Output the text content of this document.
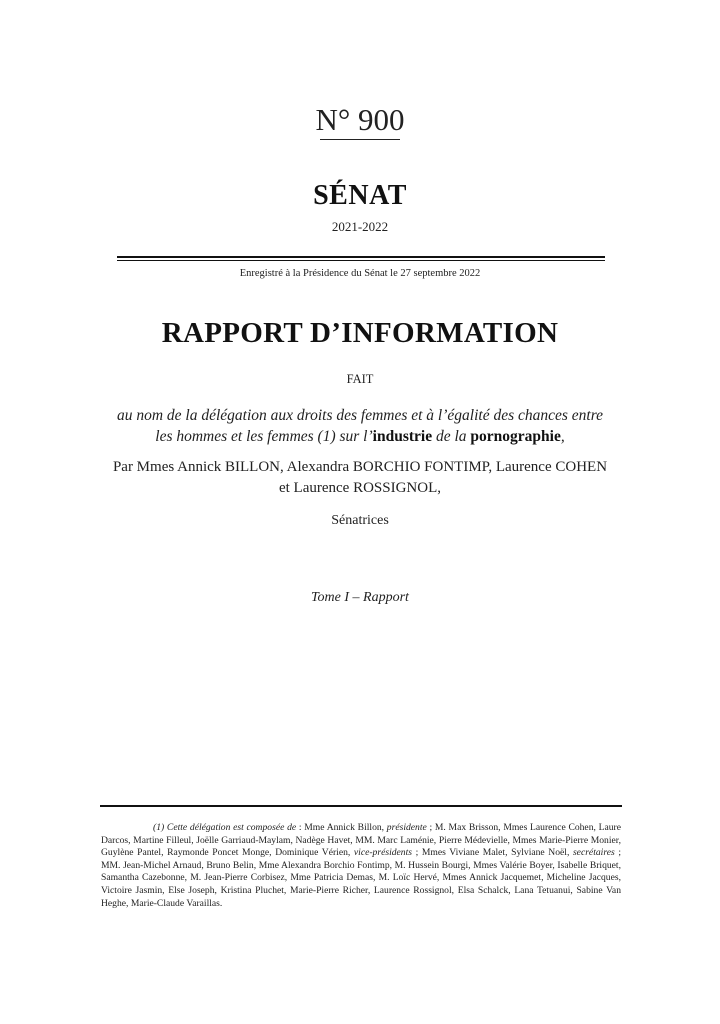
N° 900
SÉNAT
2021-2022
Enregistré à la Présidence du Sénat le 27 septembre 2022
RAPPORT D’INFORMATION
FAIT
au nom de la délégation aux droits des femmes et à l’égalité des chances entre
les hommes et les femmes (1) sur l’industrie de la pornographie,
Par Mmes Annick BILLON, Alexandra BORCHIO FONTIMP, Laurence COHEN
et Laurence ROSSIGNOL,
Sénatrices
Tome I – Rapport
(1) Cette délégation est composée de : Mme Annick Billon, présidente ; M. Max Brisson, Mmes Laurence Cohen, Laure Darcos, Martine Filleul, Joëlle Garriaud-Maylam, Nadège Havet, MM. Marc Laménie, Pierre Médevielle, Mmes Marie-Pierre Monier, Guylène Pantel, Raymonde Poncet Monge, Dominique Vérien, vice-présidents ; Mmes Viviane Malet, Sylviane Noël, secrétaires ; MM. Jean-Michel Arnaud, Bruno Belin, Mme Alexandra Borchio Fontimp, M. Hussein Bourgi, Mmes Valérie Boyer, Isabelle Briquet, Samantha Cazebonne, M. Jean-Pierre Corbisez, Mme Patricia Demas, M. Loïc Hervé, Mmes Annick Jacquemet, Micheline Jacques, Victoire Jasmin, Else Joseph, Kristina Pluchet, Marie-Pierre Richer, Laurence Rossignol, Elsa Schalck, Lana Tetuanui, Sabine Van Heghe, Marie-Claude Varaillas.
